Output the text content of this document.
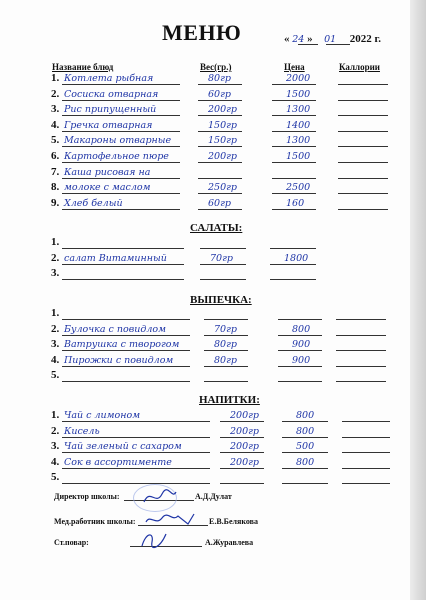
МЕНЮ	« 24 » 01 2022 г.
Название блюд	Вес(гр.)	Цена	Каллории
1. Котлета рыбная	80гр	2000
2. Сосиска отварная	60гр	1500
3. Рис припущенный	200гр	1300
4. Гречка отварная	150гр	1400
5. Макароны отварные	150гр	1300
6. Картофельное пюре	200гр	1500
7. Каша рисовая на
8. молоке с маслом	250гр	2500
9. Хлеб белый	60гр	160
САЛАТЫ:
1.
2. салат Витаминный	70гр	1800
3.
ВЫПЕЧКА:
1.
2. Булочка с повидлом	70гр	800
3. Ватрушка с творогом	80гр	900
4. Пирожки с повидлом	80гр	900
5.
НАПИТКИ:
1. Чай с лимоном	200гр	800
2. Кисель	200гр	800
3. Чай зеленый с сахаром	200гр	500
4. Сок в ассортименте	200гр	800
5.
Директор школы:	А.Д.Дулат
Мед.работник школы:	Е.В.Белякова
Ст.повар:	А.Журавлева
